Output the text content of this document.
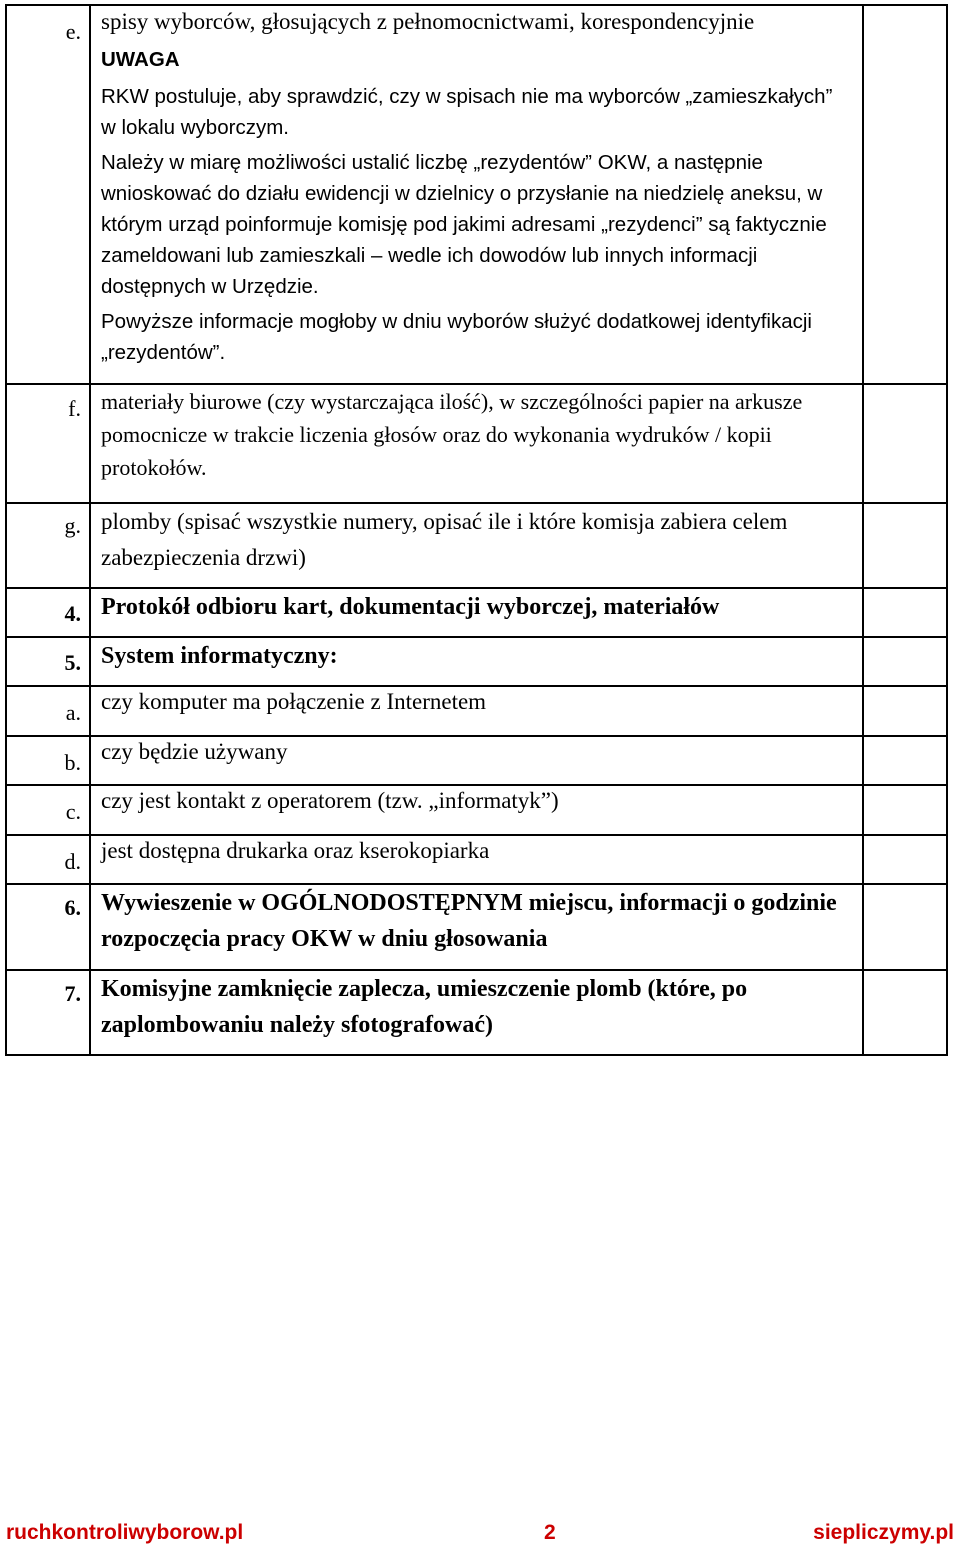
e.	spisy wyborców, głosujących z pełnomocnictwami, korespondencyjnie

UWAGA

RKW postuluje, aby sprawdzić, czy w spisach nie ma wyborców „zamieszkałych” w lokalu wyborczym.

Należy w miarę możliwości ustalić liczbę „rezydentów” OKW, a następnie wnioskować do działu ewidencji w dzielnicy o przysłanie na niedzielę aneksu, w którym urząd poinformuje komisję pod jakimi adresami „rezydenci” są faktycznie zameldowani lub zamieszkali – wedle ich dowodów lub innych informacji dostępnych w Urzędzie.

Powyższe informacje mogłoby w dniu wyborów służyć dodatkowej identyfikacji „rezydentów”.	

f.	materiały biurowe (czy wystarczająca ilość), w szczególności papier na arkusze pomocnicze w trakcie liczenia głosów oraz do wykonania wydruków / kopii protokołów.	
g.	plomby (spisać wszystkie numery, opisać ile i które komisja zabiera celem zabezpieczenia drzwi)	
4.	Protokół odbioru kart, dokumentacji wyborczej, materiałów	
5.	System informatyczny:	
a.	czy komputer ma połączenie z Internetem	
b.	czy będzie używany	
c.	czy jest kontakt z operatorem (tzw. „informatyk”)	
d.	jest dostępna drukarka oraz kserokopiarka	
6.	Wywieszenie w OGÓLNODOSTĘPNYM miejscu, informacji o godzinie rozpoczęcia pracy OKW w dniu głosowania	
7.	Komisyjne zamknięcie zaplecza, umieszczenie plomb (które, po zaplombowaniu należy sfotografować)	
ruchkontroliwyborow.pl	2	siepliczymy.pl
